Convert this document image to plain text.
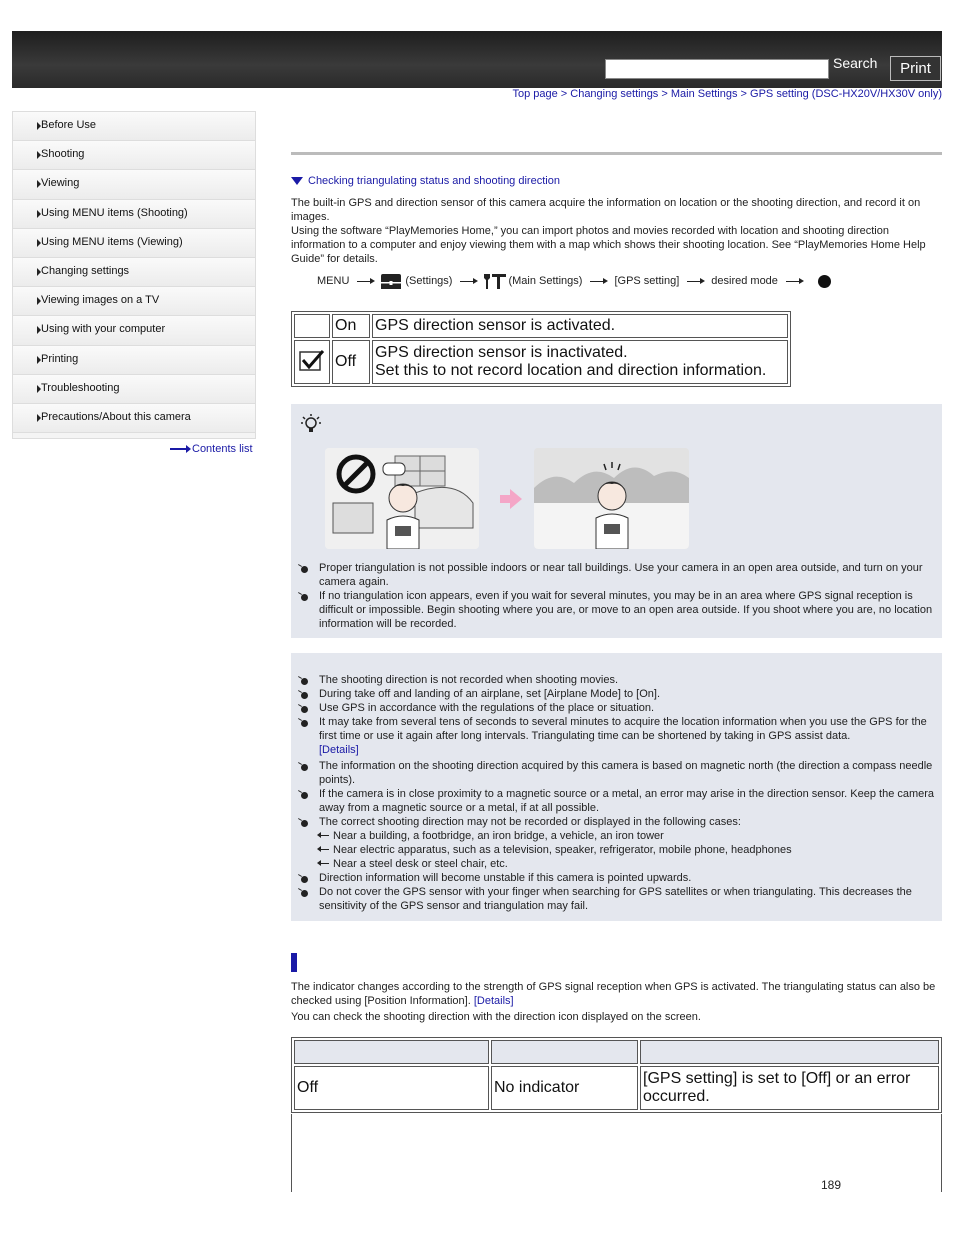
Search	Print
Top page > Changing settings > Main Settings > GPS setting (DSC-HX20V/HX30V only)
Before Use
Shooting
Viewing
Using MENU items (Shooting)
Using MENU items (Viewing)
Changing settings
Viewing images on a TV
Using with your computer
Printing
Troubleshooting
Precautions/About this camera
Contents list
Checking triangulating status and shooting direction
The built-in GPS and direction sensor of this camera acquire the information on location or the shooting direction, and record it on images.
Using the software “PlayMemories Home,” you can import photos and movies recorded with location and shooting direction information to a computer and enjoy viewing them with a map which shows their shooting location. See “PlayMemories Home Help Guide” for details.
MENU	(Settings)	(Main Settings)	[GPS setting]	desired mode
	On	GPS direction sensor is activated.
	Off	GPS direction sensor is inactivated.
Set this to not record location and direction information.
Proper triangulation is not possible indoors or near tall buildings. Use your camera in an open area outside, and turn on your camera again.
If no triangulation icon appears, even if you wait for several minutes, you may be in an area where GPS signal reception is difficult or impossible. Begin shooting where you are, or move to an open area outside. If you shoot where you are, no location information will be recorded.
The shooting direction is not recorded when shooting movies.
During take off and landing of an airplane, set [Airplane Mode] to [On].
Use GPS in accordance with the regulations of the place or situation.
It may take from several tens of seconds to several minutes to acquire the location information when you use the GPS for the first time or use it again after long intervals. Triangulating time can be shortened by taking in GPS assist data.
[Details]
The information on the shooting direction acquired by this camera is based on magnetic north (the direction a compass needle points).
If the camera is in close proximity to a magnetic source or a metal, an error may arise in the direction sensor. Keep the camera away from a magnetic source or a metal, if at all possible.
The correct shooting direction may not be recorded or displayed in the following cases:
Near a building, a footbridge, an iron bridge, a vehicle, an iron tower
Near electric apparatus, such as a television, speaker, refrigerator, mobile phone, headphones
Near a steel desk or steel chair, etc.
Direction information will become unstable if this camera is pointed upwards.
Do not cover the GPS sensor with your finger when searching for GPS satellites or when triangulating. This decreases the sensitivity of the GPS sensor and triangulation may fail.
The indicator changes according to the strength of GPS signal reception when GPS is activated. The triangulating status can also be checked using [Position Information]. [Details]
You can check the shooting direction with the direction icon displayed on the screen.

Off	No indicator	[GPS setting] is set to [Off] or an error occurred.
189
